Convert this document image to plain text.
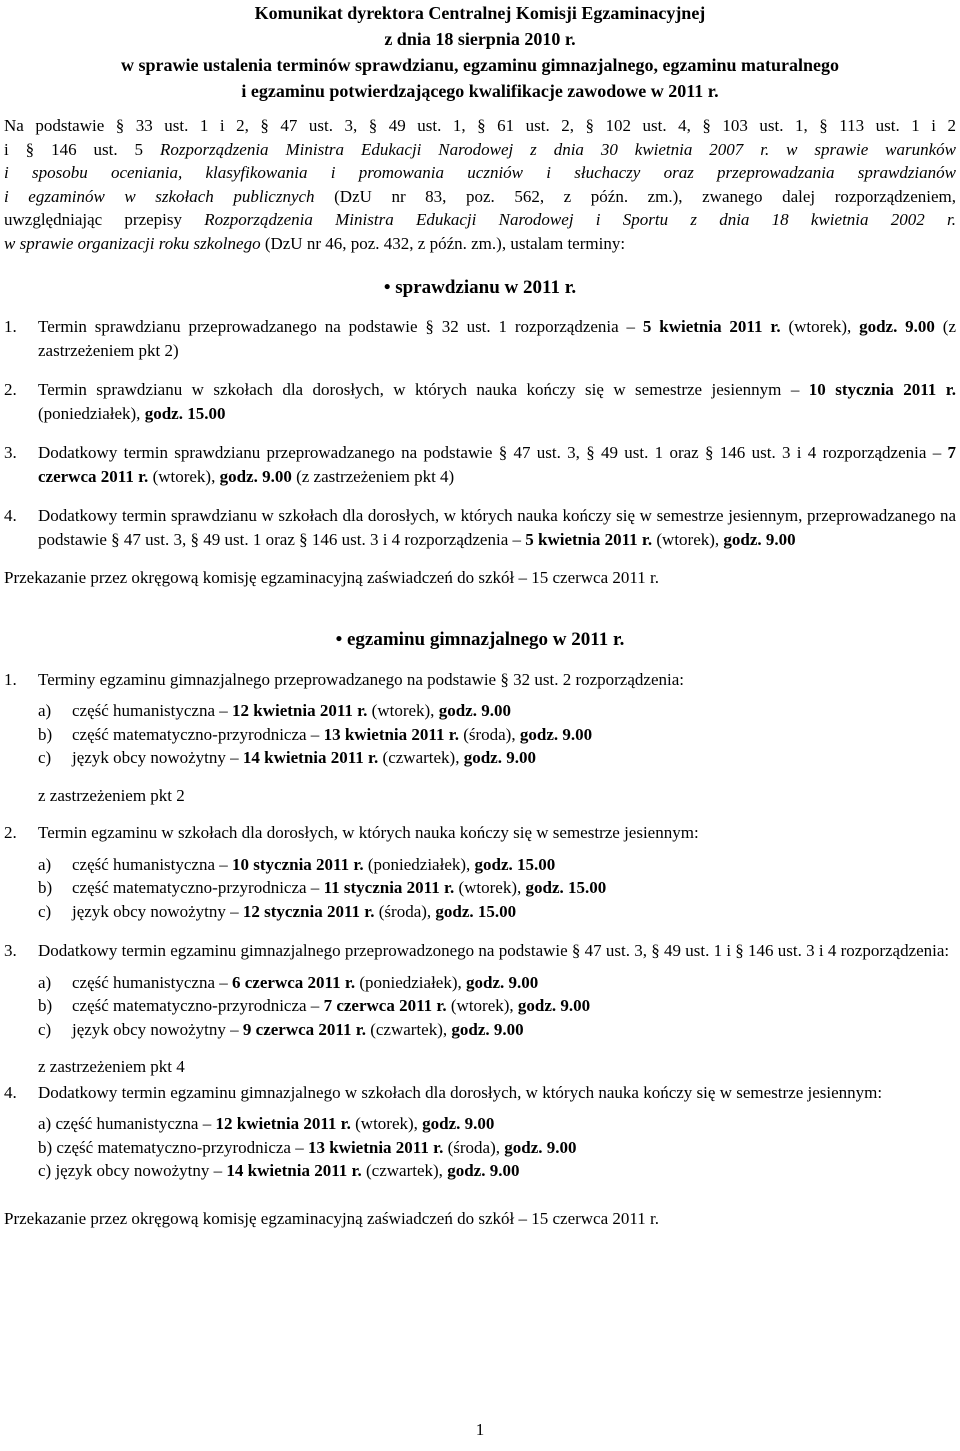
Komunikat dyrektora Centralnej Komisji Egzaminacyjnej
z dnia 18 sierpnia 2010 r.
w sprawie ustalenia terminów sprawdzianu, egzaminu gimnazjalnego, egzaminu maturalnego
i egzaminu potwierdzającego kwalifikacje zawodowe w 2011 r.

Na podstawie § 33 ust. 1 i 2, § 47 ust. 3, § 49 ust. 1, § 61 ust. 2, § 102 ust. 4, § 103 ust. 1, § 113 ust. 1 i 2
i § 146 ust. 5 Rozporządzenia Ministra Edukacji Narodowej z dnia 30 kwietnia 2007 r. w sprawie warunków
i sposobu oceniania, klasyfikowania i promowania uczniów i słuchaczy oraz przeprowadzania sprawdzianów
i egzaminów w szkołach publicznych (DzU nr 83, poz. 562, z późn. zm.), zwanego dalej rozporządzeniem,
uwzględniając przepisy Rozporządzenia Ministra Edukacji Narodowej i Sportu z dnia 18 kwietnia 2002 r.
w sprawie organizacji roku szkolnego (DzU nr 46, poz. 432, z późn. zm.), ustalam terminy:

• sprawdzianu w 2011 r.

1.	Termin sprawdzianu przeprowadzanego na podstawie § 32 ust. 1 rozporządzenia – 5 kwietnia 2011 r. (wtorek), godz. 9.00 (z zastrzeżeniem pkt 2)
2.	Termin sprawdzianu w szkołach dla dorosłych, w których nauka kończy się w semestrze jesiennym – 10 stycznia 2011 r. (poniedziałek), godz. 15.00
3.	Dodatkowy termin sprawdzianu przeprowadzanego na podstawie § 47 ust. 3, § 49 ust. 1 oraz § 146 ust. 3 i 4 rozporządzenia – 7 czerwca 2011 r. (wtorek), godz. 9.00 (z zastrzeżeniem pkt 4)
4.	Dodatkowy termin sprawdzianu w szkołach dla dorosłych, w których nauka kończy się w semestrze jesiennym, przeprowadzanego na podstawie § 47 ust. 3, § 49 ust. 1 oraz § 146 ust. 3 i 4 rozporządzenia – 5 kwietnia 2011 r. (wtorek), godz. 9.00

Przekazanie przez okręgową komisję egzaminacyjną zaświadczeń do szkół – 15 czerwca 2011 r.

• egzaminu gimnazjalnego w 2011 r.

1.	Terminy egzaminu gimnazjalnego przeprowadzanego na podstawie § 32 ust. 2 rozporządzenia:
a)	część humanistyczna – 12 kwietnia 2011 r. (wtorek), godz. 9.00
b)	część matematyczno-przyrodnicza – 13 kwietnia 2011 r. (środa), godz. 9.00
c)	język obcy nowożytny – 14 kwietnia 2011 r. (czwartek), godz. 9.00

z zastrzeżeniem pkt 2

2.	Termin egzaminu w szkołach dla dorosłych, w których nauka kończy się w semestrze jesiennym:
a)	część humanistyczna – 10 stycznia 2011 r. (poniedziałek), godz. 15.00
b)	część matematyczno-przyrodnicza – 11 stycznia 2011 r. (wtorek), godz. 15.00
c)	język obcy nowożytny – 12 stycznia 2011 r. (środa), godz. 15.00
3.	Dodatkowy termin egzaminu gimnazjalnego przeprowadzonego na podstawie § 47 ust. 3, § 49 ust. 1 i § 146 ust. 3 i 4 rozporządzenia:
a)	część humanistyczna – 6 czerwca 2011 r. (poniedziałek), godz. 9.00
b)	część matematyczno-przyrodnicza – 7 czerwca 2011 r. (wtorek), godz. 9.00
c)	język obcy nowożytny – 9 czerwca 2011 r. (czwartek), godz. 9.00

z zastrzeżeniem pkt 4

4.	Dodatkowy termin egzaminu gimnazjalnego w szkołach dla dorosłych, w których nauka kończy się w semestrze jesiennym:

a) część humanistyczna – 12 kwietnia 2011 r. (wtorek), godz. 9.00

b) część matematyczno-przyrodnicza – 13 kwietnia 2011 r. (środa), godz. 9.00

c) język obcy nowożytny – 14 kwietnia 2011 r. (czwartek), godz. 9.00

Przekazanie przez okręgową komisję egzaminacyjną zaświadczeń do szkół – 15 czerwca 2011 r.

1
